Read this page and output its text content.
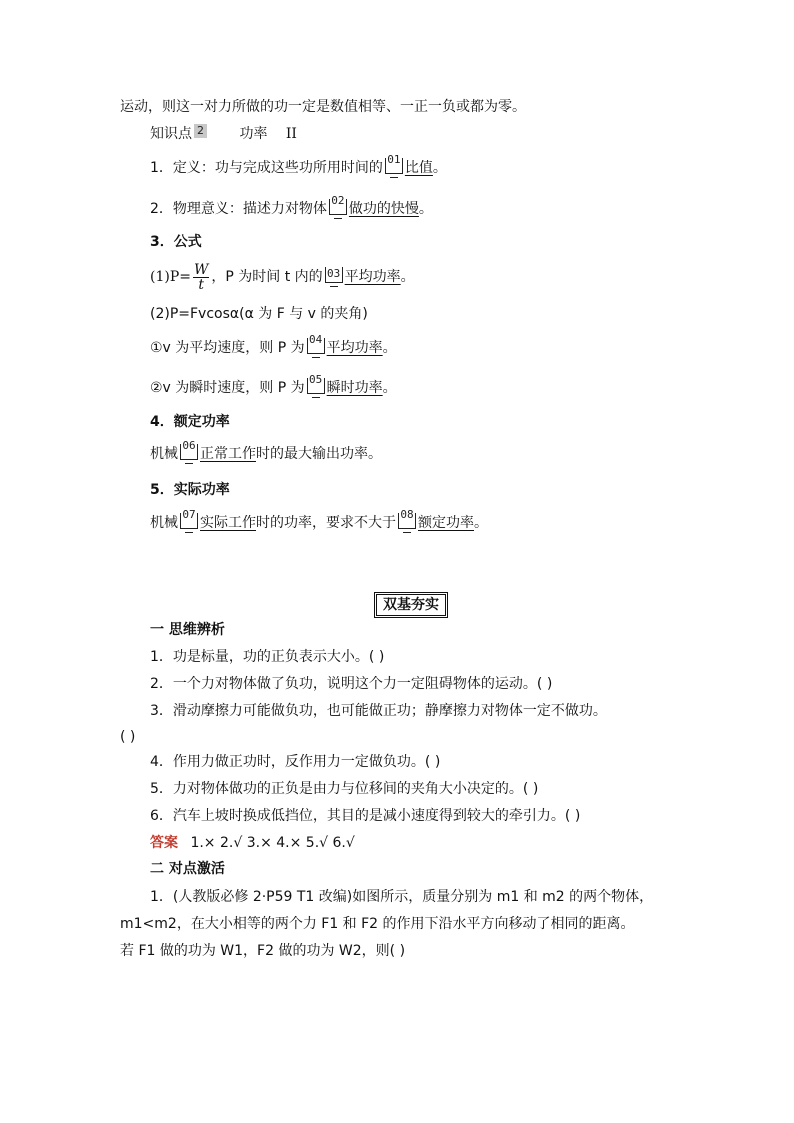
运动，则这一对力所做的功一定是数值相等、一正一负或都为零。
知识点 2	功率 II
1．定义：功与完成这些功所用时间的
01
比值。
2．物理意义：描述力对物体
02
做功的快慢。
3．公式
$(1)P= \frac{W}{t}$ ，P 为时间 t 内的 03 平均功率。
(2)P=Fvcosα(α 为 F 与 v 的夹角)
①v 为平均速度，则 P 为
04
平均功率。
②v 为瞬时速度，则 P 为
05
瞬时功率。
4．额定功率
机械
06
正常工作时的最大输出功率。
5．实际功率
机械
07
实际工作时的功率，要求不大于
08
额定功率。
双基夯实
一 思维辨析
1．功是标量，功的正负表示大小。( )
2．一个力对物体做了负功，说明这个力一定阻碍物体的运动。( )
3．滑动摩擦力可能做负功，也可能做正功；静摩擦力对物体一定不做功。
( )
4．作用力做正功时，反作用力一定做负功。( )
5．力对物体做功的正负是由力与位移间的夹角大小决定的。( )
6．汽车上坡时换成低挡位，其目的是减小速度得到较大的牵引力。( )
答案 1.× 2.√ 3.× 4.× 5.√ 6.√
二 对点激活
1．(人教版必修 2·P59 T1 改编)如图所示，质量分别为 m1 和 m2 的两个物体，
m1<m2，在大小相等的两个力 F1 和 F2 的作用下沿水平方向移动了相同的距离。
若 F1 做的功为 W1，F2 做的功为 W2，则( )
